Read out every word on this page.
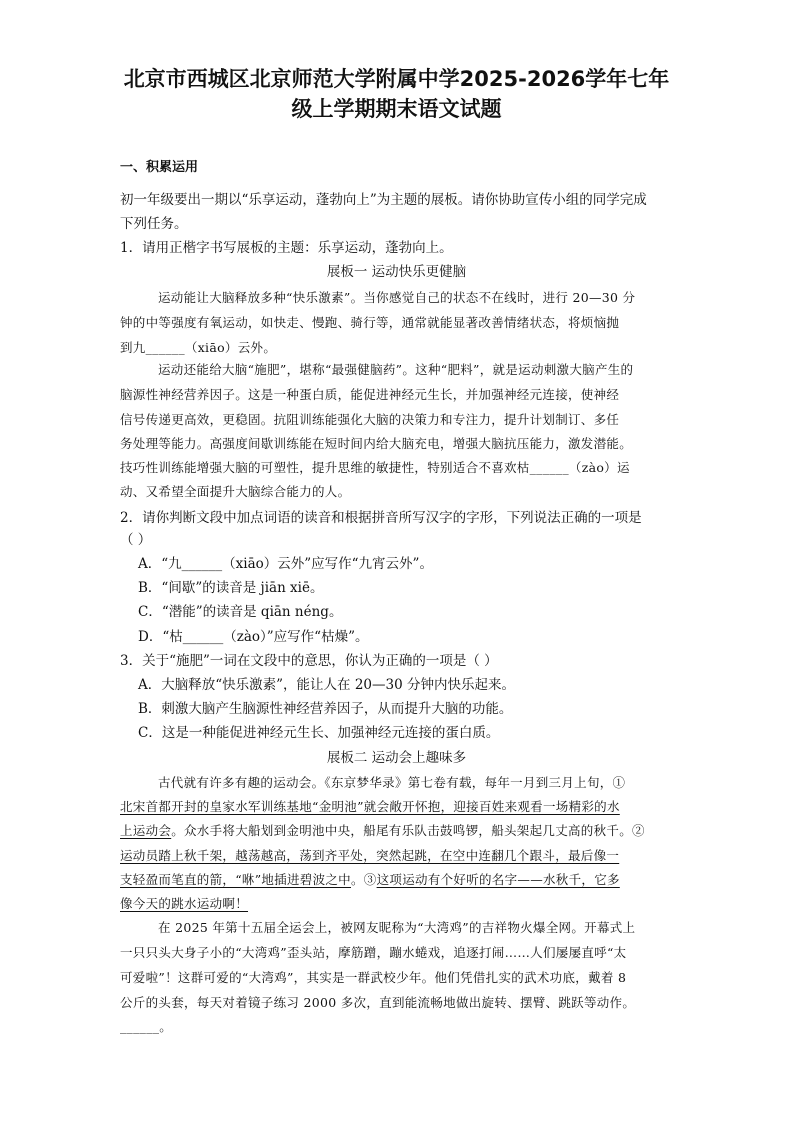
北京市西城区北京师范大学附属中学2025-2026学年七年
级上学期期末语文试题
一、积累运用
初一年级要出一期以“乐享运动，蓬勃向上”为主题的展板。请你协助宣传小组的同学完成
下列任务。
1．请用正楷字书写展板的主题：乐享运动，蓬勃向上。
展板一 运动快乐更健脑
运动能让大脑释放多种“快乐激素”。当你感觉自己的状态不在线时，进行 20—30 分
钟的中等强度有氧运动，如快走、慢跑、骑行等，通常就能显著改善情绪状态，将烦恼抛
到九______（xiāo）云外。
运动还能给大脑“施肥”，堪称“最强健脑药”。这种“肥料”，就是运动刺激大脑产生的
脑源性神经营养因子。这是一种蛋白质，能促进神经元生长，并加强神经元连接，使神经
信号传递更高效，更稳固。抗阻训练能强化大脑的决策力和专注力，提升计划制订、多任
务处理等能力。高强度间歇训练能在短时间内给大脑充电，增强大脑抗压能力，激发潜能。
技巧性训练能增强大脑的可塑性，提升思维的敏捷性，特别适合不喜欢枯______（zào）运
动、又希望全面提升大脑综合能力的人。
2．请你判断文段中加点词语的读音和根据拼音所写汉字的字形，下列说法正确的一项是
（ ）
A．“九______（xiāo）云外”应写作“九宵云外”。
B．“间歇”的读音是 jiān xiē。
C．“潜能”的读音是 qiān néng。
D．“枯______（zào）”应写作“枯燥”。
3．关于“施肥”一词在文段中的意思，你认为正确的一项是（ ）
A．大脑释放“快乐激素”，能让人在 20—30 分钟内快乐起来。
B．刺激大脑产生脑源性神经营养因子，从而提升大脑的功能。
C．这是一种能促进神经元生长、加强神经元连接的蛋白质。
展板二 运动会上趣味多
古代就有许多有趣的运动会。《东京梦华录》第七卷有载，每年一月到三月上旬，①
北宋首都开封的皇家水军训练基地“金明池”就会敞开怀抱，迎接百姓来观看一场精彩的水
上运动会。众水手将大船划到金明池中央，船尾有乐队击鼓鸣锣，船头架起几丈高的秋千。②
运动员踏上秋千架，越荡越高，荡到齐平处，突然起跳，在空中连翻几个跟斗，最后像一
支轻盈而笔直的箭，“咻”地插进碧波之中。③这项运动有个好听的名字——水秋千，它多
像今天的跳水运动啊！
在 2025 年第十五届全运会上，被网友昵称为“大湾鸡”的吉祥物火爆全网。开幕式上
一只只头大身子小的“大湾鸡”歪头站，摩筋蹭，蹦水蜷戏，追逐打闹……人们屡屡直呼“太
可爱啦”！这群可爱的“大湾鸡”，其实是一群武校少年。他们凭借扎实的武术功底，戴着 8
公斤的头套，每天对着镜子练习 2000 多次，直到能流畅地做出旋转、摆臂、跳跃等动作。
______。
